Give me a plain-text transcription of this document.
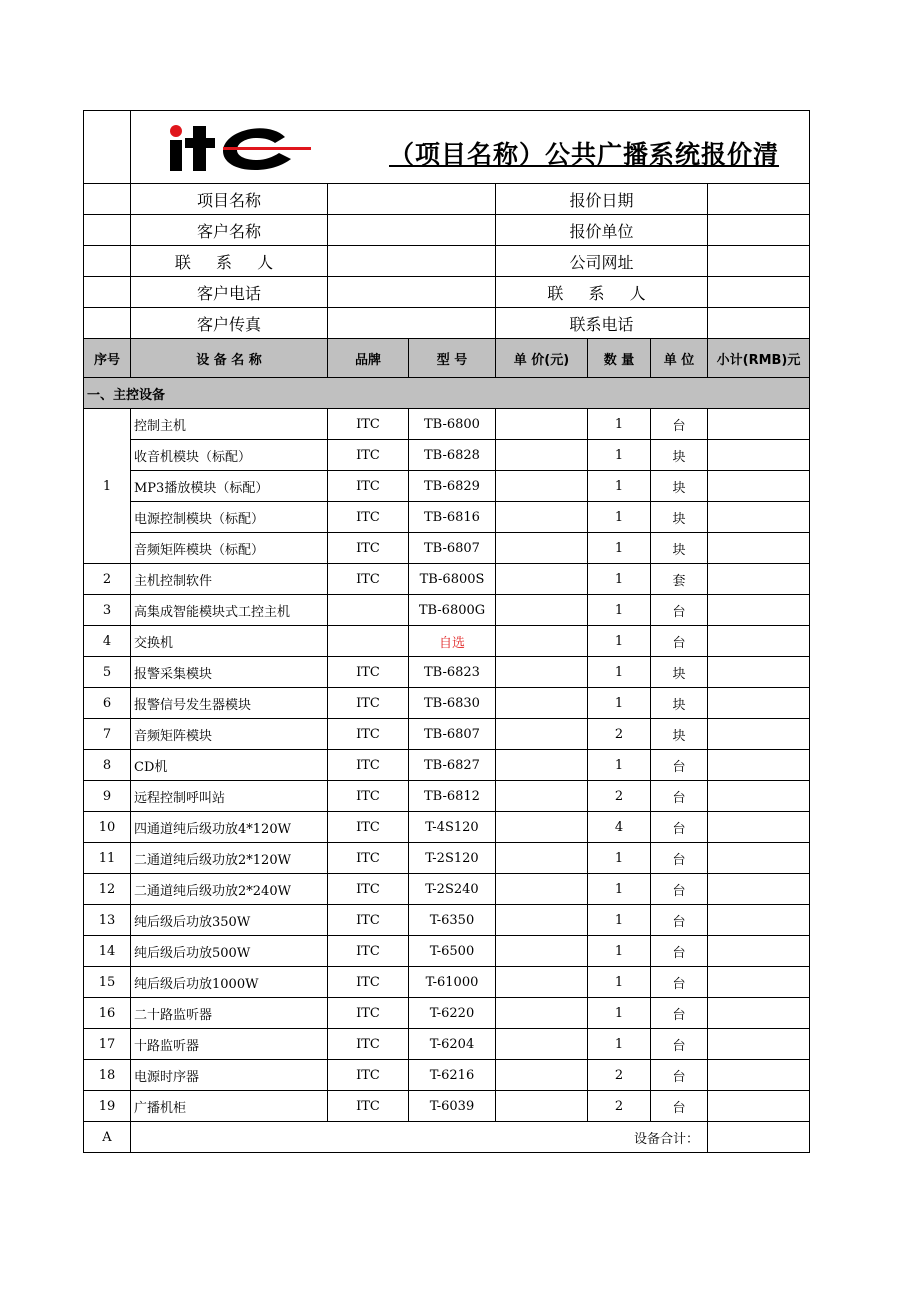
	（项目名称）公共广播系统报价清						

	项目名称			报价日期			
	客户名称			报价单位			
	联 系 人			公司网址			
	客户电话			联 系 人			
	客户传真			联系电话			
序号	设 备 名 称	品牌	型 号	单 价(元)	数 量	单 位	小计(RMB)元
一、主控设备							
1	控制主机	ITC	TB-6800		1	台	
	收音机模块（标配）	ITC	TB-6828		1	块	
	MP3播放模块（标配）	ITC	TB-6829		1	块	
	电源控制模块（标配）	ITC	TB-6816		1	块	
	音频矩阵模块（标配）	ITC	TB-6807		1	块	
2	主机控制软件	ITC	TB-6800S		1	套	
3	高集成智能模块式工控主机		TB-6800G		1	台	
4	交换机		自选		1	台	
5	报警采集模块	ITC	TB-6823		1	块	
6	报警信号发生器模块	ITC	TB-6830		1	块	
7	音频矩阵模块	ITC	TB-6807		2	块	
8	CD机	ITC	TB-6827		1	台	
9	远程控制呼叫站	ITC	TB-6812		2	台	
10	四通道纯后级功放4*120W	ITC	T-4S120		4	台	
11	二通道纯后级功放2*120W	ITC	T-2S120		1	台	
12	二通道纯后级功放2*240W	ITC	T-2S240		1	台	
13	纯后级后功放350W	ITC	T-6350		1	台	
14	纯后级后功放500W	ITC	T-6500		1	台	
15	纯后级后功放1000W	ITC	T-61000		1	台	
16	二十路监听器	ITC	T-6220		1	台	
17	十路监听器	ITC	T-6204		1	台	
18	电源时序器	ITC	T-6216		2	台	
19	广播机柜	ITC	T-6039		2	台	
A	设备合计：						
